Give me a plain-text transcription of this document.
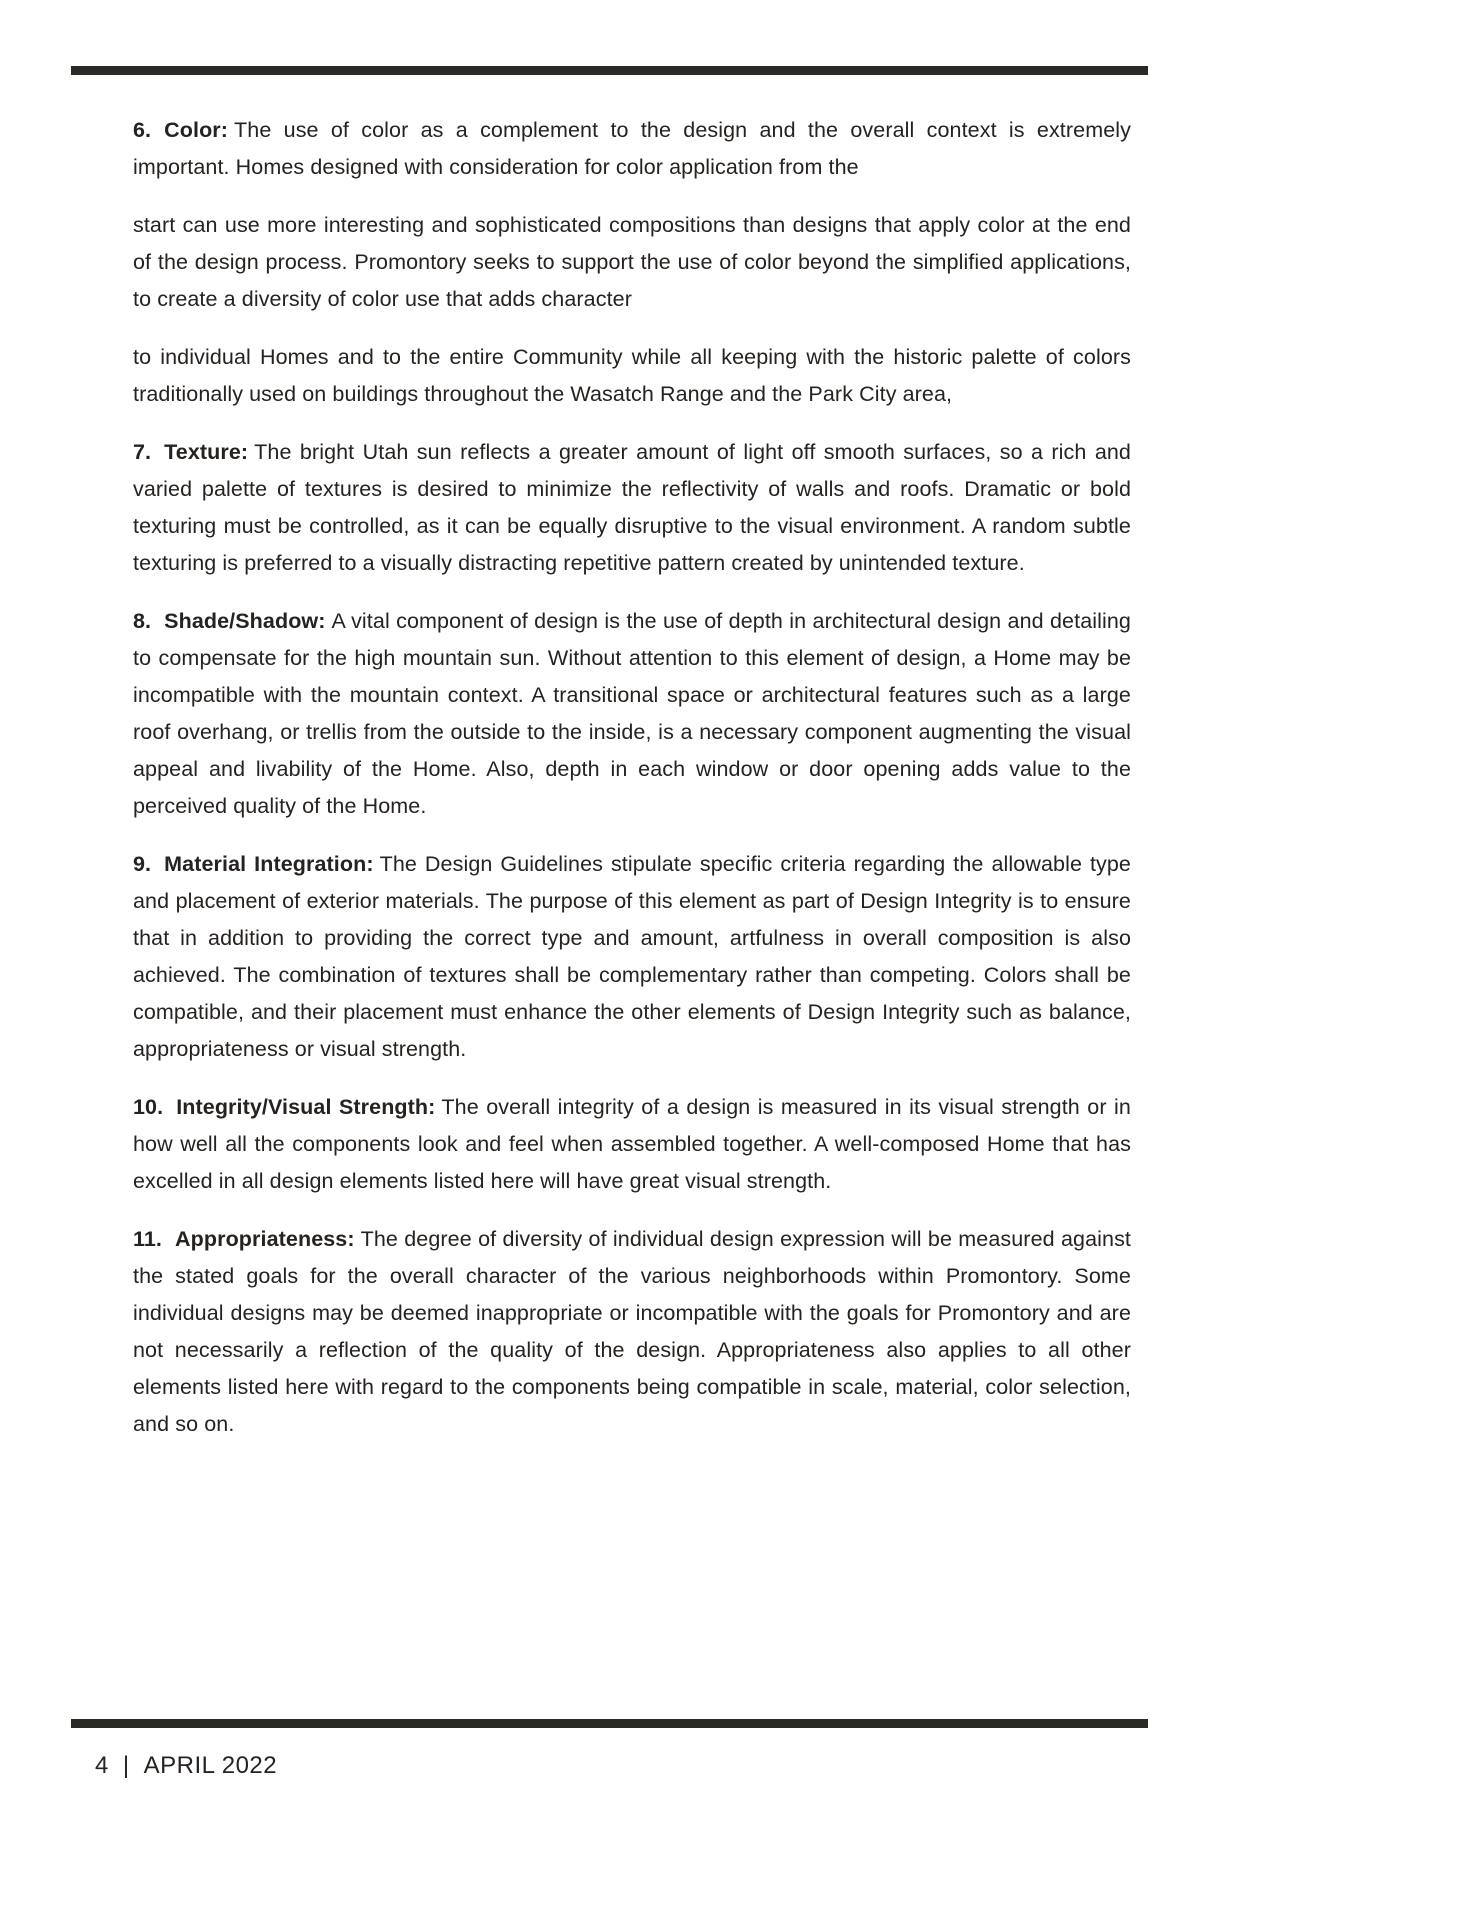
6. Color: The use of color as a complement to the design and the overall context is extremely important. Homes designed with consideration for color application from the

start can use more interesting and sophisticated compositions than designs that apply color at the end of the design process. Promontory seeks to support the use of color beyond the simplified applications, to create a diversity of color use that adds character

to individual Homes and to the entire Community while all keeping with the historic palette of colors traditionally used on buildings throughout the Wasatch Range and the Park City area,

7. Texture: The bright Utah sun reflects a greater amount of light off smooth surfaces, so a rich and varied palette of textures is desired to minimize the reflectivity of walls and roofs. Dramatic or bold texturing must be controlled, as it can be equally disruptive to the visual environment. A random subtle texturing is preferred to a visually distracting repetitive pattern created by unintended texture.

8. Shade/Shadow: A vital component of design is the use of depth in architectural design and detailing to compensate for the high mountain sun. Without attention to this element of design, a Home may be incompatible with the mountain context. A transitional space or architectural features such as a large roof overhang, or trellis from the outside to the inside, is a necessary component augmenting the visual appeal and livability of the Home. Also, depth in each window or door opening adds value to the perceived quality of the Home.

9. Material Integration: The Design Guidelines stipulate specific criteria regarding the allowable type and placement of exterior materials. The purpose of this element as part of Design Integrity is to ensure that in addition to providing the correct type and amount, artfulness in overall composition is also achieved. The combination of textures shall be complementary rather than competing. Colors shall be compatible, and their placement must enhance the other elements of Design Integrity such as balance, appropriateness or visual strength.

10. Integrity/Visual Strength: The overall integrity of a design is measured in its visual strength or in how well all the components look and feel when assembled together. A well-composed Home that has excelled in all design elements listed here will have great visual strength.

11. Appropriateness: The degree of diversity of individual design expression will be measured against the stated goals for the overall character of the various neighborhoods within Promontory. Some individual designs may be deemed inappropriate or incompatible with the goals for Promontory and are not necessarily a reflection of the quality of the design. Appropriateness also applies to all other elements listed here with regard to the components being compatible in scale, material, color selection, and so on.

4 | APRIL 2022
